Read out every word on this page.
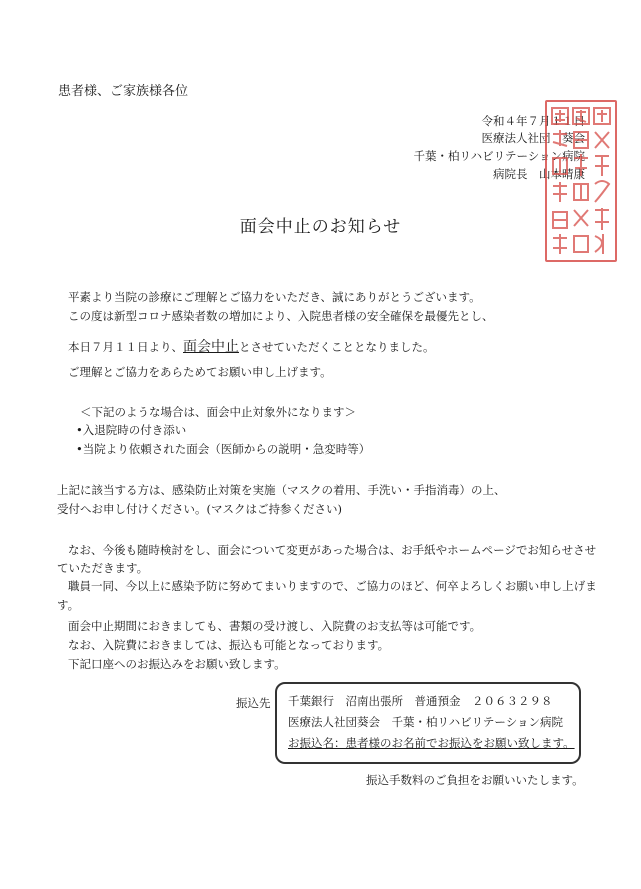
患者様、ご家族様各位
令和４年７月１１日
医療法人社団　葵会
千葉・柏リハビリテーション病院
病院長　山本晴康
面会中止のお知らせ
平素より当院の診療にご理解とご協力をいただき、誠にありがとうございます。
この度は新型コロナ感染者数の増加により、入院患者様の安全確保を最優先とし、
本日７月１１日より、面会中止とさせていただくこととなりました。
ご理解とご協力をあらためてお願い申し上げます。
＜下記のような場合は、面会中止対象外になります＞
•入退院時の付き添い
•当院より依頼された面会（医師からの説明・急変時等）
上記に該当する方は、感染防止対策を実施（マスクの着用、手洗い・手指消毒）の上、
受付へお申し付けください。(マスクはご持参ください)
なお、今後も随時検討をし、面会について変更があった場合は、お手紙やホームページでお知らせさせ
ていただきます。
職員一同、今以上に感染予防に努めてまいりますので、ご協力のほど、何卒よろしくお願い申し上げま
す。
面会中止期間におきましても、書類の受け渡し、入院費のお支払等は可能です。
なお、入院費におきましては、振込も可能となっております。
下記口座へのお振込みをお願い致します。
振込先 千葉銀行　沼南出張所　普通預金　２０６３２９８
医療法人社団葵会　千葉・柏リハビリテーション病院
お振込名：患者様のお名前でお振込をお願い致します。
振込手数料のご負担をお願いいたします。
